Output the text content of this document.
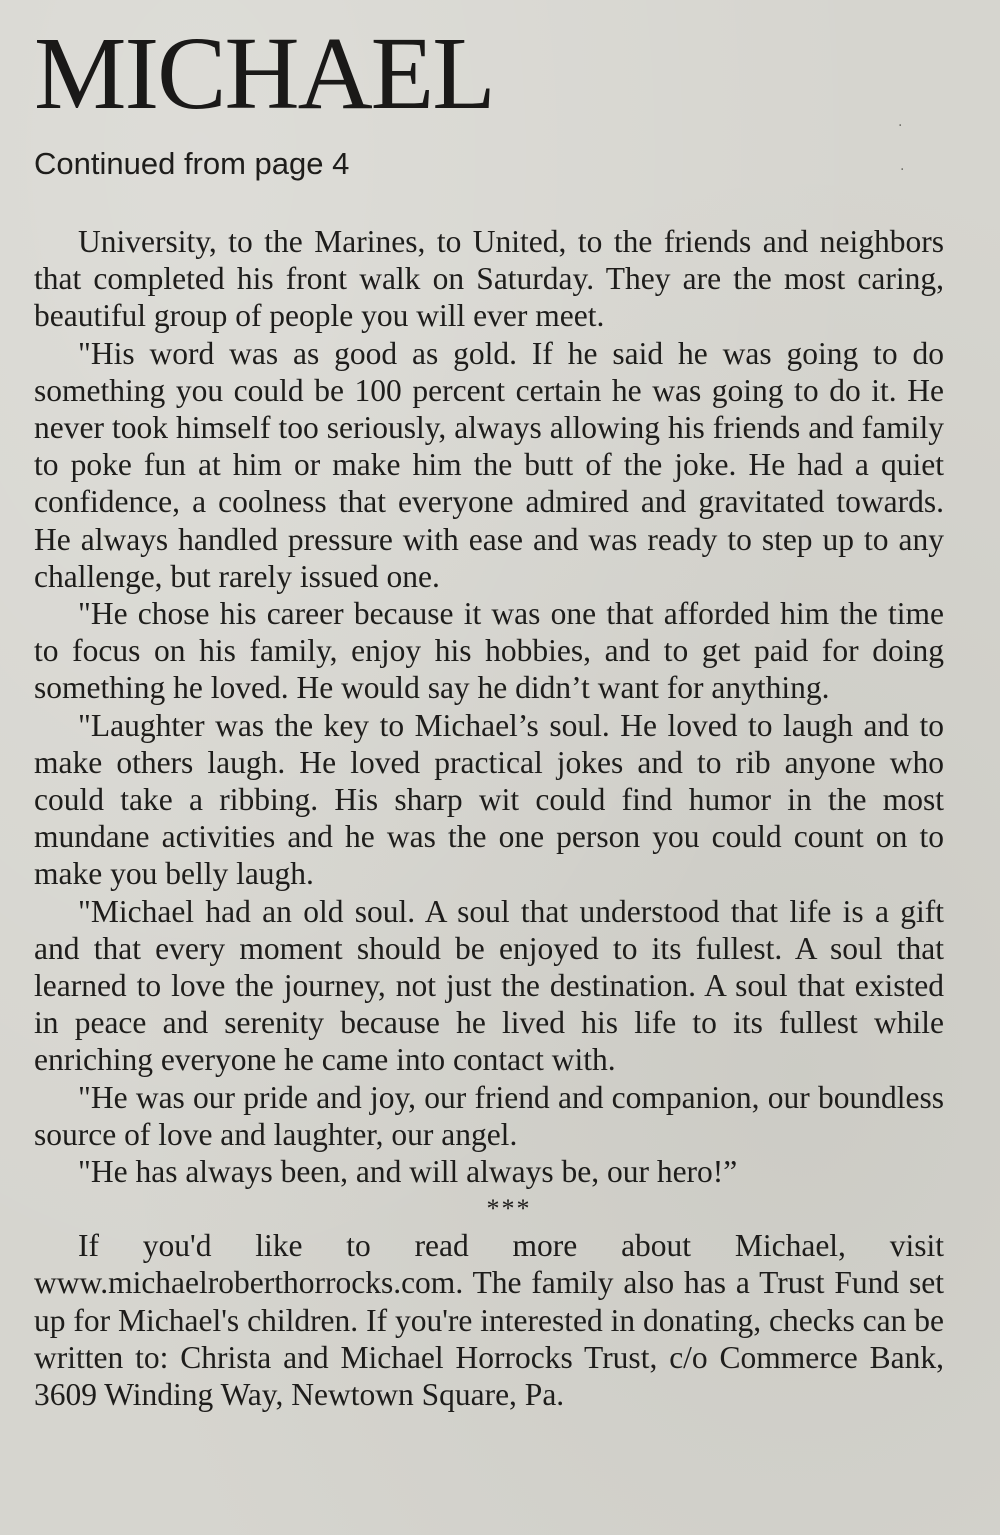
MICHAEL
Continued from page 4

University, to the Marines, to United, to the friends and neighbors that completed his front walk on Saturday. They are the most caring, beautiful group of people you will ever meet.

"His word was as good as gold. If he said he was going to do something you could be 100 percent certain he was going to do it. He never took himself too seriously, always allowing his friends and family to poke fun at him or make him the butt of the joke. He had a quiet confidence, a coolness that everyone admired and gravitated towards. He always handled pressure with ease and was ready to step up to any challenge, but rarely issued one.

"He chose his career because it was one that afforded him the time to focus on his family, enjoy his hobbies, and to get paid for doing something he loved. He would say he didn’t want for anything.

"Laughter was the key to Michael’s soul. He loved to laugh and to make others laugh. He loved practical jokes and to rib anyone who could take a ribbing. His sharp wit could find humor in the most mundane activities and he was the one person you could count on to make you belly laugh.

"Michael had an old soul. A soul that understood that life is a gift and that every moment should be enjoyed to its fullest. A soul that learned to love the journey, not just the destination. A soul that existed in peace and serenity because he lived his life to its fullest while enriching everyone he came into contact with.

"He was our pride and joy, our friend and companion, our boundless source of love and laughter, our angel.

"He has always been, and will always be, our hero!”

***

If you'd like to read more about Michael, visit www.michaelroberthorrocks.com. The family also has a Trust Fund set up for Michael's children. If you're interested in donating, checks can be written to: Christa and Michael Horrocks Trust, c/o Commerce Bank, 3609 Winding Way, Newtown Square, Pa.

·
·
